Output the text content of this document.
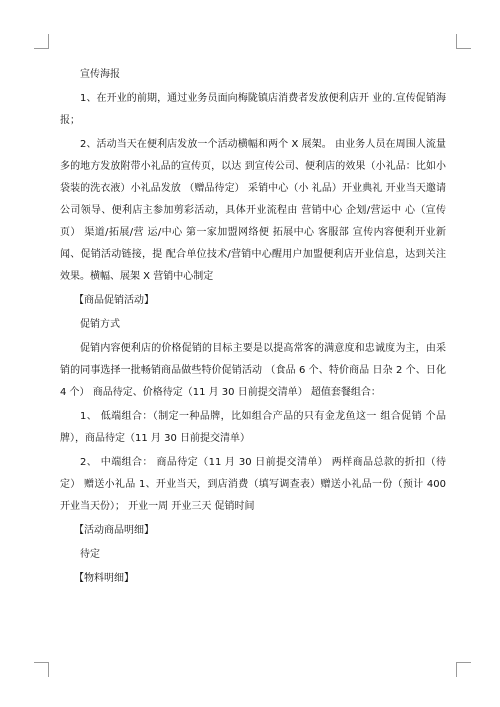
宣传海报

1、在开业的前期，通过业务员面向梅陇镇店消费者发放便利店开 业的.宣传促销海报；

2、活动当天在便利店发放一个活动横幅和两个 X 展架。 由业务人员在周围人流量多的地方发放附带小礼品的宣传页，以达 到宣传公司、便利店的效果（小礼品：比如小袋装的洗衣液）小礼品发放 （赠品待定） 采销中心（小 礼品）开业典礼 开业当天邀请公司领导、便利店主参加剪彩活动，具体开业流程由 营销中心 企划/营运中 心（宣传页） 渠道/拓展/营 运/中心 第一家加盟网络便 拓展中心 客服部 宣传内容便利开业新闻、促销活动链接，提 配合单位技术/营销中心醒用户加盟便利店开业信息，达到关注效果。横幅、展架 X 营销中心制定

【商品促销活动】

促销方式

促销内容便利店的价格促销的目标主要是以提高常客的满意度和忠诚度为主，由采销的同事选择一批畅销商品做些特价促销活动 （食品 6 个、特价商品 日杂 2 个、日化 4 个） 商品待定、价格待定（11 月 30 日前提交清单） 超值套餐组合：

1、 低端组合：（制定一种品牌，比如组合产品的只有金龙鱼这一 组合促销 个品牌），商品待定（11 月 30 日前提交清单）

2、 中端组合： 商品待定（11 月 30 日前提交清单） 两样商品总款的折扣（待定） 赠送小礼品 1、开业当天，到店消费（填写调查表）赠送小礼品一份（预计 400 开业当天份）； 开业一周 开业三天 促销时间

【活动商品明细】

待定

【物料明细】
